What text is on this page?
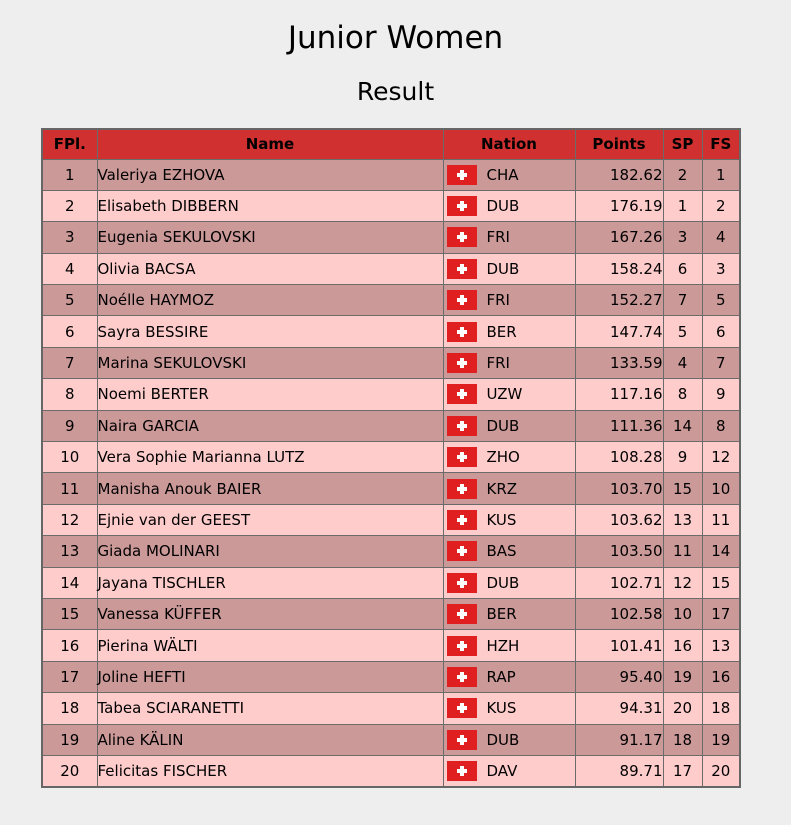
Junior Women
Result
FPl.	Name	Nation	Points	SP	FS
1	Valeriya EZHOVA	CHA	182.62	2	1
2	Elisabeth DIBBERN	DUB	176.19	1	2
3	Eugenia SEKULOVSKI	FRI	167.26	3	4
4	Olivia BACSA	DUB	158.24	6	3
5	Noélle HAYMOZ	FRI	152.27	7	5
6	Sayra BESSIRE	BER	147.74	5	6
7	Marina SEKULOVSKI	FRI	133.59	4	7
8	Noemi BERTER	UZW	117.16	8	9
9	Naira GARCIA	DUB	111.36	14	8
10	Vera Sophie Marianna LUTZ	ZHO	108.28	9	12
11	Manisha Anouk BAIER	KRZ	103.70	15	10
12	Ejnie van der GEEST	KUS	103.62	13	11
13	Giada MOLINARI	BAS	103.50	11	14
14	Jayana TISCHLER	DUB	102.71	12	15
15	Vanessa KÜFFER	BER	102.58	10	17
16	Pierina WÄLTI	HZH	101.41	16	13
17	Joline HEFTI	RAP	95.40	19	16
18	Tabea SCIARANETTI	KUS	94.31	20	18
19	Aline KÄLIN	DUB	91.17	18	19
20	Felicitas FISCHER	DAV	89.71	17	20
